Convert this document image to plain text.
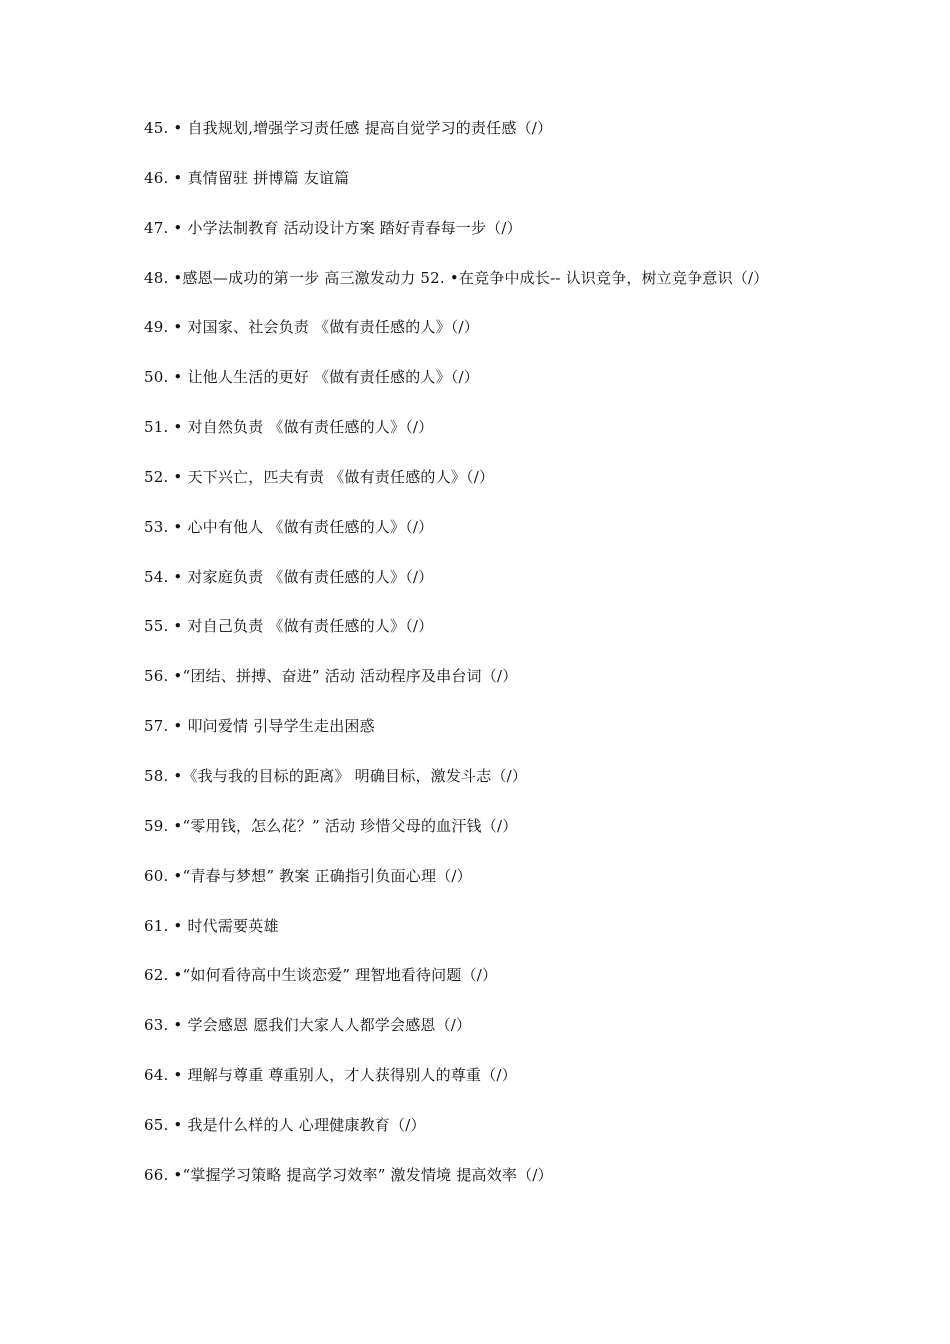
45. • 自我规划,增强学习责任感 提高自觉学习的责任感（/）
46. • 真情留驻 拼博篇 友谊篇
47. • 小学法制教育 活动设计方案 踏好青春每一步（/）
48. •感恩—成功的第一步 高三激发动力 52. •在竞争中成长-- 认识竞争，树立竞争意识（/）
49. • 对国家、社会负责 《做有责任感的人》（/）
50. • 让他人生活的更好 《做有责任感的人》（/）
51. • 对自然负责 《做有责任感的人》（/）
52. • 天下兴亡，匹夫有责 《做有责任感的人》（/）
53. • 心中有他人 《做有责任感的人》（/）
54. • 对家庭负责 《做有责任感的人》（/）
55. • 对自己负责 《做有责任感的人》（/）
56. •“团结、拼搏、奋进” 活动 活动程序及串台词（/）
57. • 叩问爱情 引导学生走出困惑
58. •《我与我的目标的距离》 明确目标，激发斗志（/）
59. •“零用钱，怎么花？” 活动 珍惜父母的血汗钱（/）
60. •“青春与梦想” 教案 正确指引负面心理（/）
61. • 时代需要英雄
62. •“如何看待高中生谈恋爱” 理智地看待问题（/）
63. • 学会感恩 愿我们大家人人都学会感恩（/）
64. • 理解与尊重 尊重别人，才人获得别人的尊重（/）
65. • 我是什么样的人 心理健康教育（/）
66. •“掌握学习策略 提高学习效率” 激发情境 提高效率（/）
